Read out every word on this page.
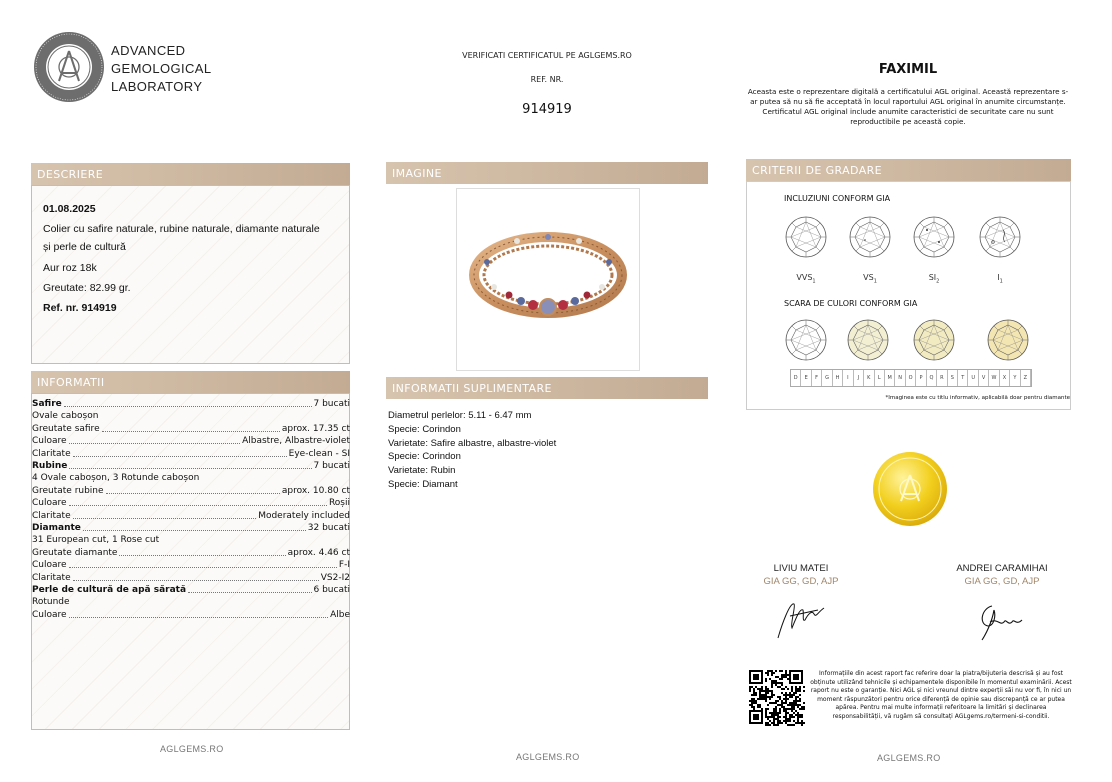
ADVANCED
GEMOLOGICAL
LABORATORY
VERIFICATI CERTIFICATUL PE AGLGEMS.RO
REF. NR.
914919
FAXIMIL
Aceasta este o reprezentare digitală a certificatului AGL original. Această reprezentare s-ar putea să nu să fie acceptată în locul raportului AGL original în anumite circumstanțe. Certificatul AGL original include anumite caracteristici de securitate care nu sunt reproductibile pe această copie.
DESCRIERE
01.08.2025
Colier cu safire naturale, rubine naturale, diamante naturale
și perle de cultură
Aur roz 18k
Greutate: 82.99 gr.
Ref. nr. 914919
INFORMATII
Safire	7 bucati
Ovale caboșon
Greutate safire	aprox. 17.35 ct
Culoare	Albastre, Albastre-violet
Claritate	Eye-clean - SI
Rubine	7 bucati
4 Ovale caboșon, 3 Rotunde caboșon
Greutate rubine	aprox. 10.80 ct
Culoare	Roșii
Claritate	Moderately included
Diamante	32 bucati
31 European cut, 1 Rose cut
Greutate diamante	aprox. 4.46 ct
Culoare	F-I
Claritate	VS2-I2
Perle de cultură de apă sărată	6 bucati
Rotunde
Culoare	Albe
IMAGINE
INFORMATII SUPLIMENTARE
Diametrul perlelor: 5.11 - 6.47 mm
Specie: Corindon
Varietate: Safire albastre, albastre-violet
Specie: Corindon
Varietate: Rubin
Specie: Diamant
CRITERII DE GRADARE
INCLUZIUNI CONFORM GIA
$VVS_1$	$VS_1$	$SI_2$	$I_1$
SCARA DE CULORI CONFORM GIA
D	E	F	G	H	I	J	K	L	M	N	O	P	Q	R	S	T	U	V	W	X	Y	Z
*Imaginea este cu titlu informativ, aplicabilă doar pentru diamante
LIVIU MATEI
GIA GG, GD, AJP
ANDREI CARAMIHAI
GIA GG, GD, AJP
Informațiile din acest raport fac referire doar la piatra/bijuteria descrisă și au fost obținute utilizând tehnicile și echipamentele disponibile în momentul examinării. Acest raport nu este o garanție. Nici AGL și nici vreunul dintre experții săi nu vor fi, în nici un moment răspunzători pentru orice diferență de opinie sau discrepanță ce ar putea apărea. Pentru mai multe informații referitoare la limitări și declinarea responsabilității, vă rugăm să consultați AGLgems.ro/termeni-si-conditii.
AGLGEMS.RO
AGLGEMS.RO	AGLGEMS.RO
